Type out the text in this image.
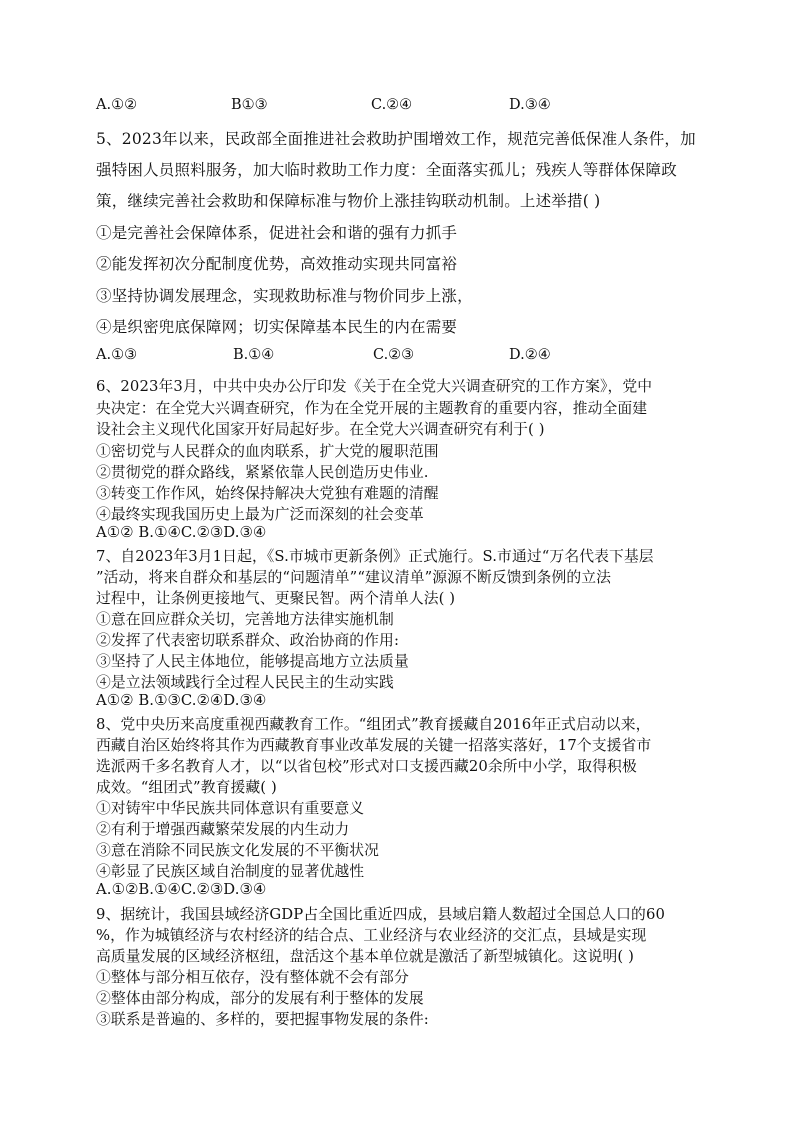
A.①②	B①③	C.②④	D.③④
5、2023年以来，民政部全面推进社会救助护围增效工作，规范完善低保准人条件，加
强特困人员照料服务，加大临时救助工作力度：全面落实孤儿；残疾人等群体保障政
策，继续完善社会救助和保障标准与物价上涨挂钩联动机制。上述举措( )
①是完善社会保障体系，促进社会和谐的强有力抓手
②能发挥初次分配制度优势，高效推动实现共同富裕
③坚持协调发展理念，实现救助标准与物价同步上涨，
④是织密兜底保障网；切实保障基本民生的内在需要
A.①③	B.①④	C.②③	D.②④
6、2023年3月，中共中央办公厅印发《关于在全党大兴调查研究的工作方案》，党中
央决定：在全党大兴调查研究，作为在全党开展的主题教育的重要内容，推动全面建
设社会主义现代化国家开好局起好步。在全党大兴调查研究有利于( )
①密切党与人民群众的血肉联系，扩大党的履职范围
②贯彻党的群众路线，紧紧依靠人民创造历史伟业.
③转变工作作风，始终保持解决大党独有难题的清醒
④最终实现我国历史上最为广泛而深刻的社会变革
A①② B.①④C.②③D.③④
7、自2023年3月1日起，《S.市城市更新条例》正式施行。S.市通过“万名代表下基层
”活动，将来自群众和基层的“问题清单”“建议清单”源源不断反馈到条例的立法
过程中，让条例更接地气、更聚民智。两个清单人法( )
①意在回应群众关切，完善地方法律实施机制
②发挥了代表密切联系群众、政治协商的作用:
③坚持了人民主体地位，能够提高地方立法质量
④是立法领域践行全过程人民民主的生动实践
A①② B.①③C.②④D.③④
8、党中央历来高度重视西藏教育工作。“组团式”教育援藏自2016年正式启动以来，
西藏自治区始终将其作为西藏教育事业改革发展的关键一招落实落好，17个支援省市
选派两千多名教育人才，以“以省包校”形式对口支援西藏20余所中小学，取得积极
成效。“组团式”教育援藏( )
①对铸牢中华民族共同体意识有重要意义
②有利于增强西藏繁荣发展的内生动力
③意在消除不同民族文化发展的不平衡状况
④彰显了民族区域自治制度的显著优越性
A.①②B.①④C.②③D.③④
9、据统计，我国县域经济GDP占全国比重近四成，县域启籍人数超过全国总人口的60
%，作为城镇经济与农村经济的结合点、工业经济与农业经济的交汇点，县域是实现
高质量发展的区域经济枢纽，盘活这个基本单位就是激活了新型城镇化。这说明( )
①整体与部分相互依存，没有整体就不会有部分
②整体由部分构成，部分的发展有利于整体的发展
③联系是普遍的、多样的，要把握事物发展的条件:
